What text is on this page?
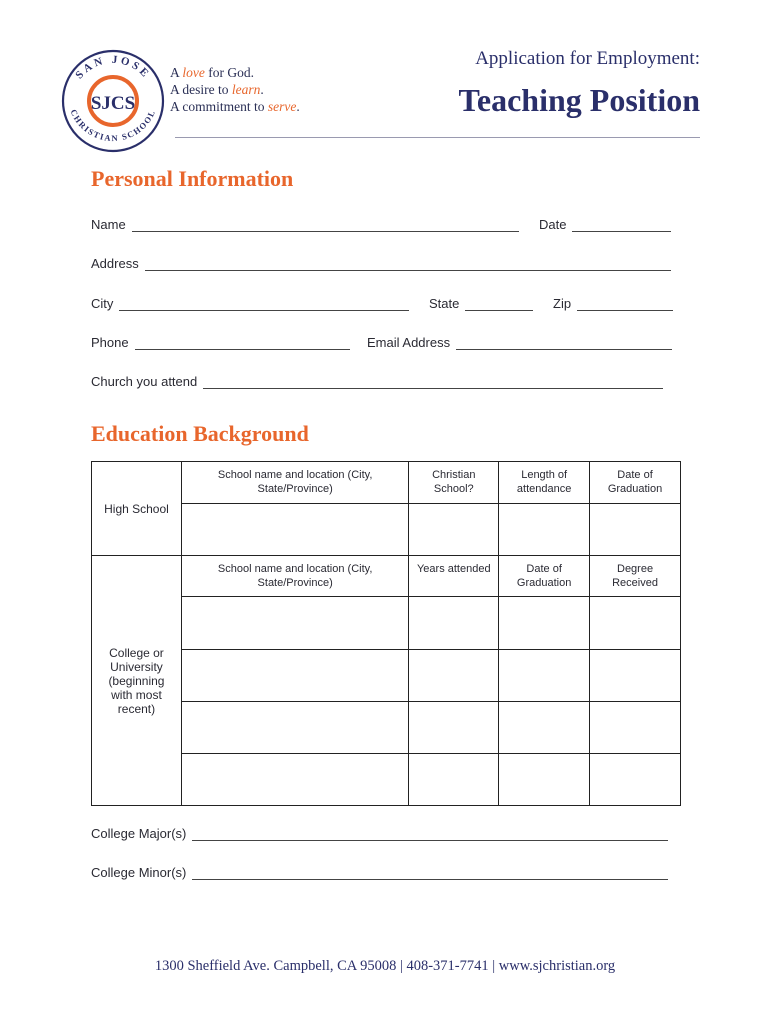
SAN JOSE
CHRISTIAN SCHOOL
SJCS
A love for God.
A desire to learn.
A commitment to serve.
Application for Employment:
Teaching Position
Personal Information
Name	Date
Address
City	State	Zip
Phone	Email Address
Church you attend
Education Background
High School	School name and location (City, State/Province)	Christian School?	Length of attendance	Date of Graduation

College or University (beginning with most recent)	School name and location (City, State/Province)	Years attended	Date of Graduation	Degree Received

College Major(s)
College Minor(s)
1300 Sheffield Ave. Campbell, CA 95008 | 408-371-7741 | www.sjchristian.org
